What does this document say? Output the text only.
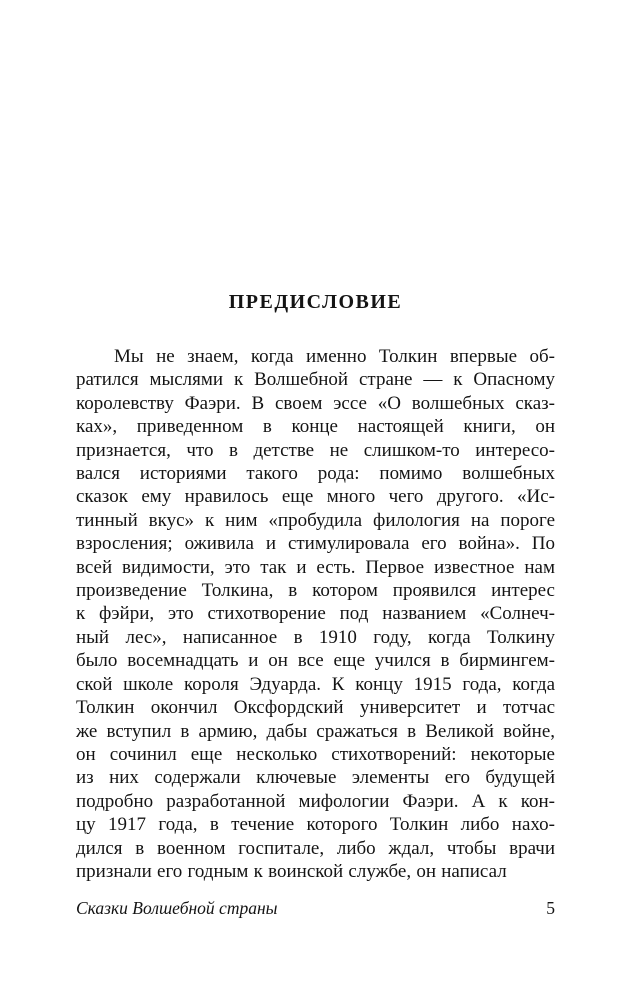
ПРЕДИСЛОВИЕ
Мы не знаем, когда именно Толкин впервые об-
ратился мыслями к Волшебной стране — к Опасному
королевству Фаэри. В своем эссе «О волшебных сказ-
ках», приведенном в конце настоящей книги, он
признается, что в детстве не слишком-то интересо-
вался историями такого рода: помимо волшебных
сказок ему нравилось еще много чего другого. «Ис-
тинный вкус» к ним «пробудила филология на пороге
взросления; оживила и стимулировала его война». По
всей видимости, это так и есть. Первое известное нам
произведение Толкина, в котором проявился интерес
к фэйри, это стихотворение под названием «Солнеч-
ный лес», написанное в 1910 году, когда Толкину
было восемнадцать и он все еще учился в бирмингем-
ской школе короля Эдуарда. К концу 1915 года, когда
Толкин окончил Оксфордский университет и тотчас
же вступил в армию, дабы сражаться в Великой войне,
он сочинил еще несколько стихотворений: некоторые
из них содержали ключевые элементы его будущей
подробно разработанной мифологии Фаэри. А к кон-
цу 1917 года, в течение которого Толкин либо нахо-
дился в военном госпитале, либо ждал, чтобы врачи
признали его годным к воинской службе, он написал
Сказки Волшебной страны	5
